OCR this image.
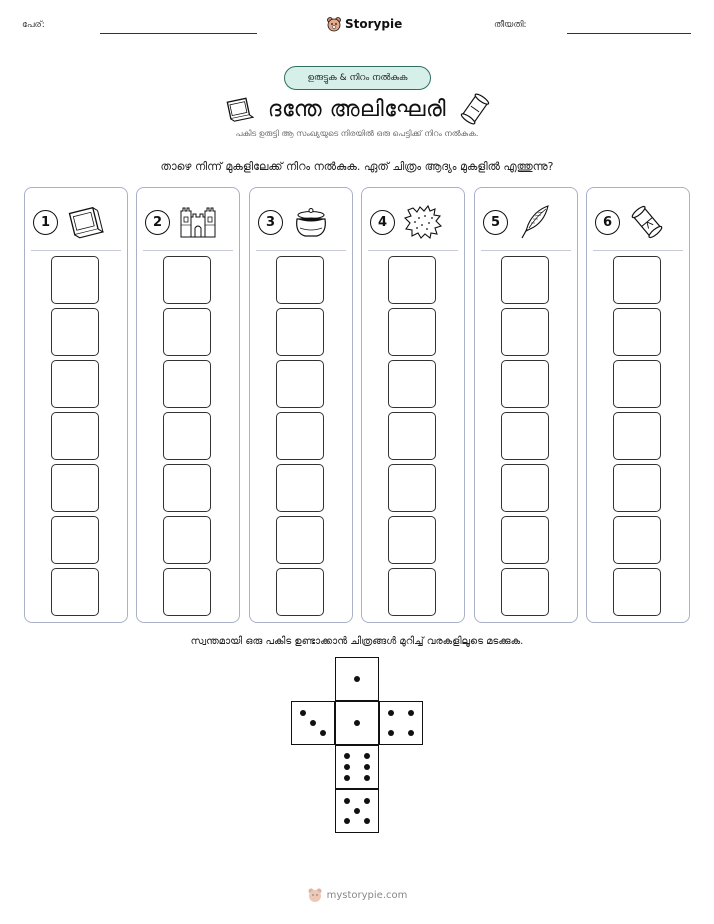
പേര്:	Storypie	തീയതി:
ഉരുട്ടുക & നിറം നൽകുക
ദന്തേ അലിഘേരി
പകിട ഉരുട്ടി ആ സംഖ്യയുടെ നിരയിൽ ഒരു പെട്ടിക്ക് നിറം നൽകുക.
താഴെ നിന്ന് മുകളിലേക്ക് നിറം നൽകുക. ഏത് ചിത്രം ആദ്യം മുകളിൽ എത്തുന്നു?
1	2	3	4	5	6
സ്വന്തമായി ഒരു പകിട ഉണ്ടാക്കാൻ ചിത്രങ്ങൾ മുറിച്ച് വരകളിലൂടെ മടക്കുക.
mystorypie.com
